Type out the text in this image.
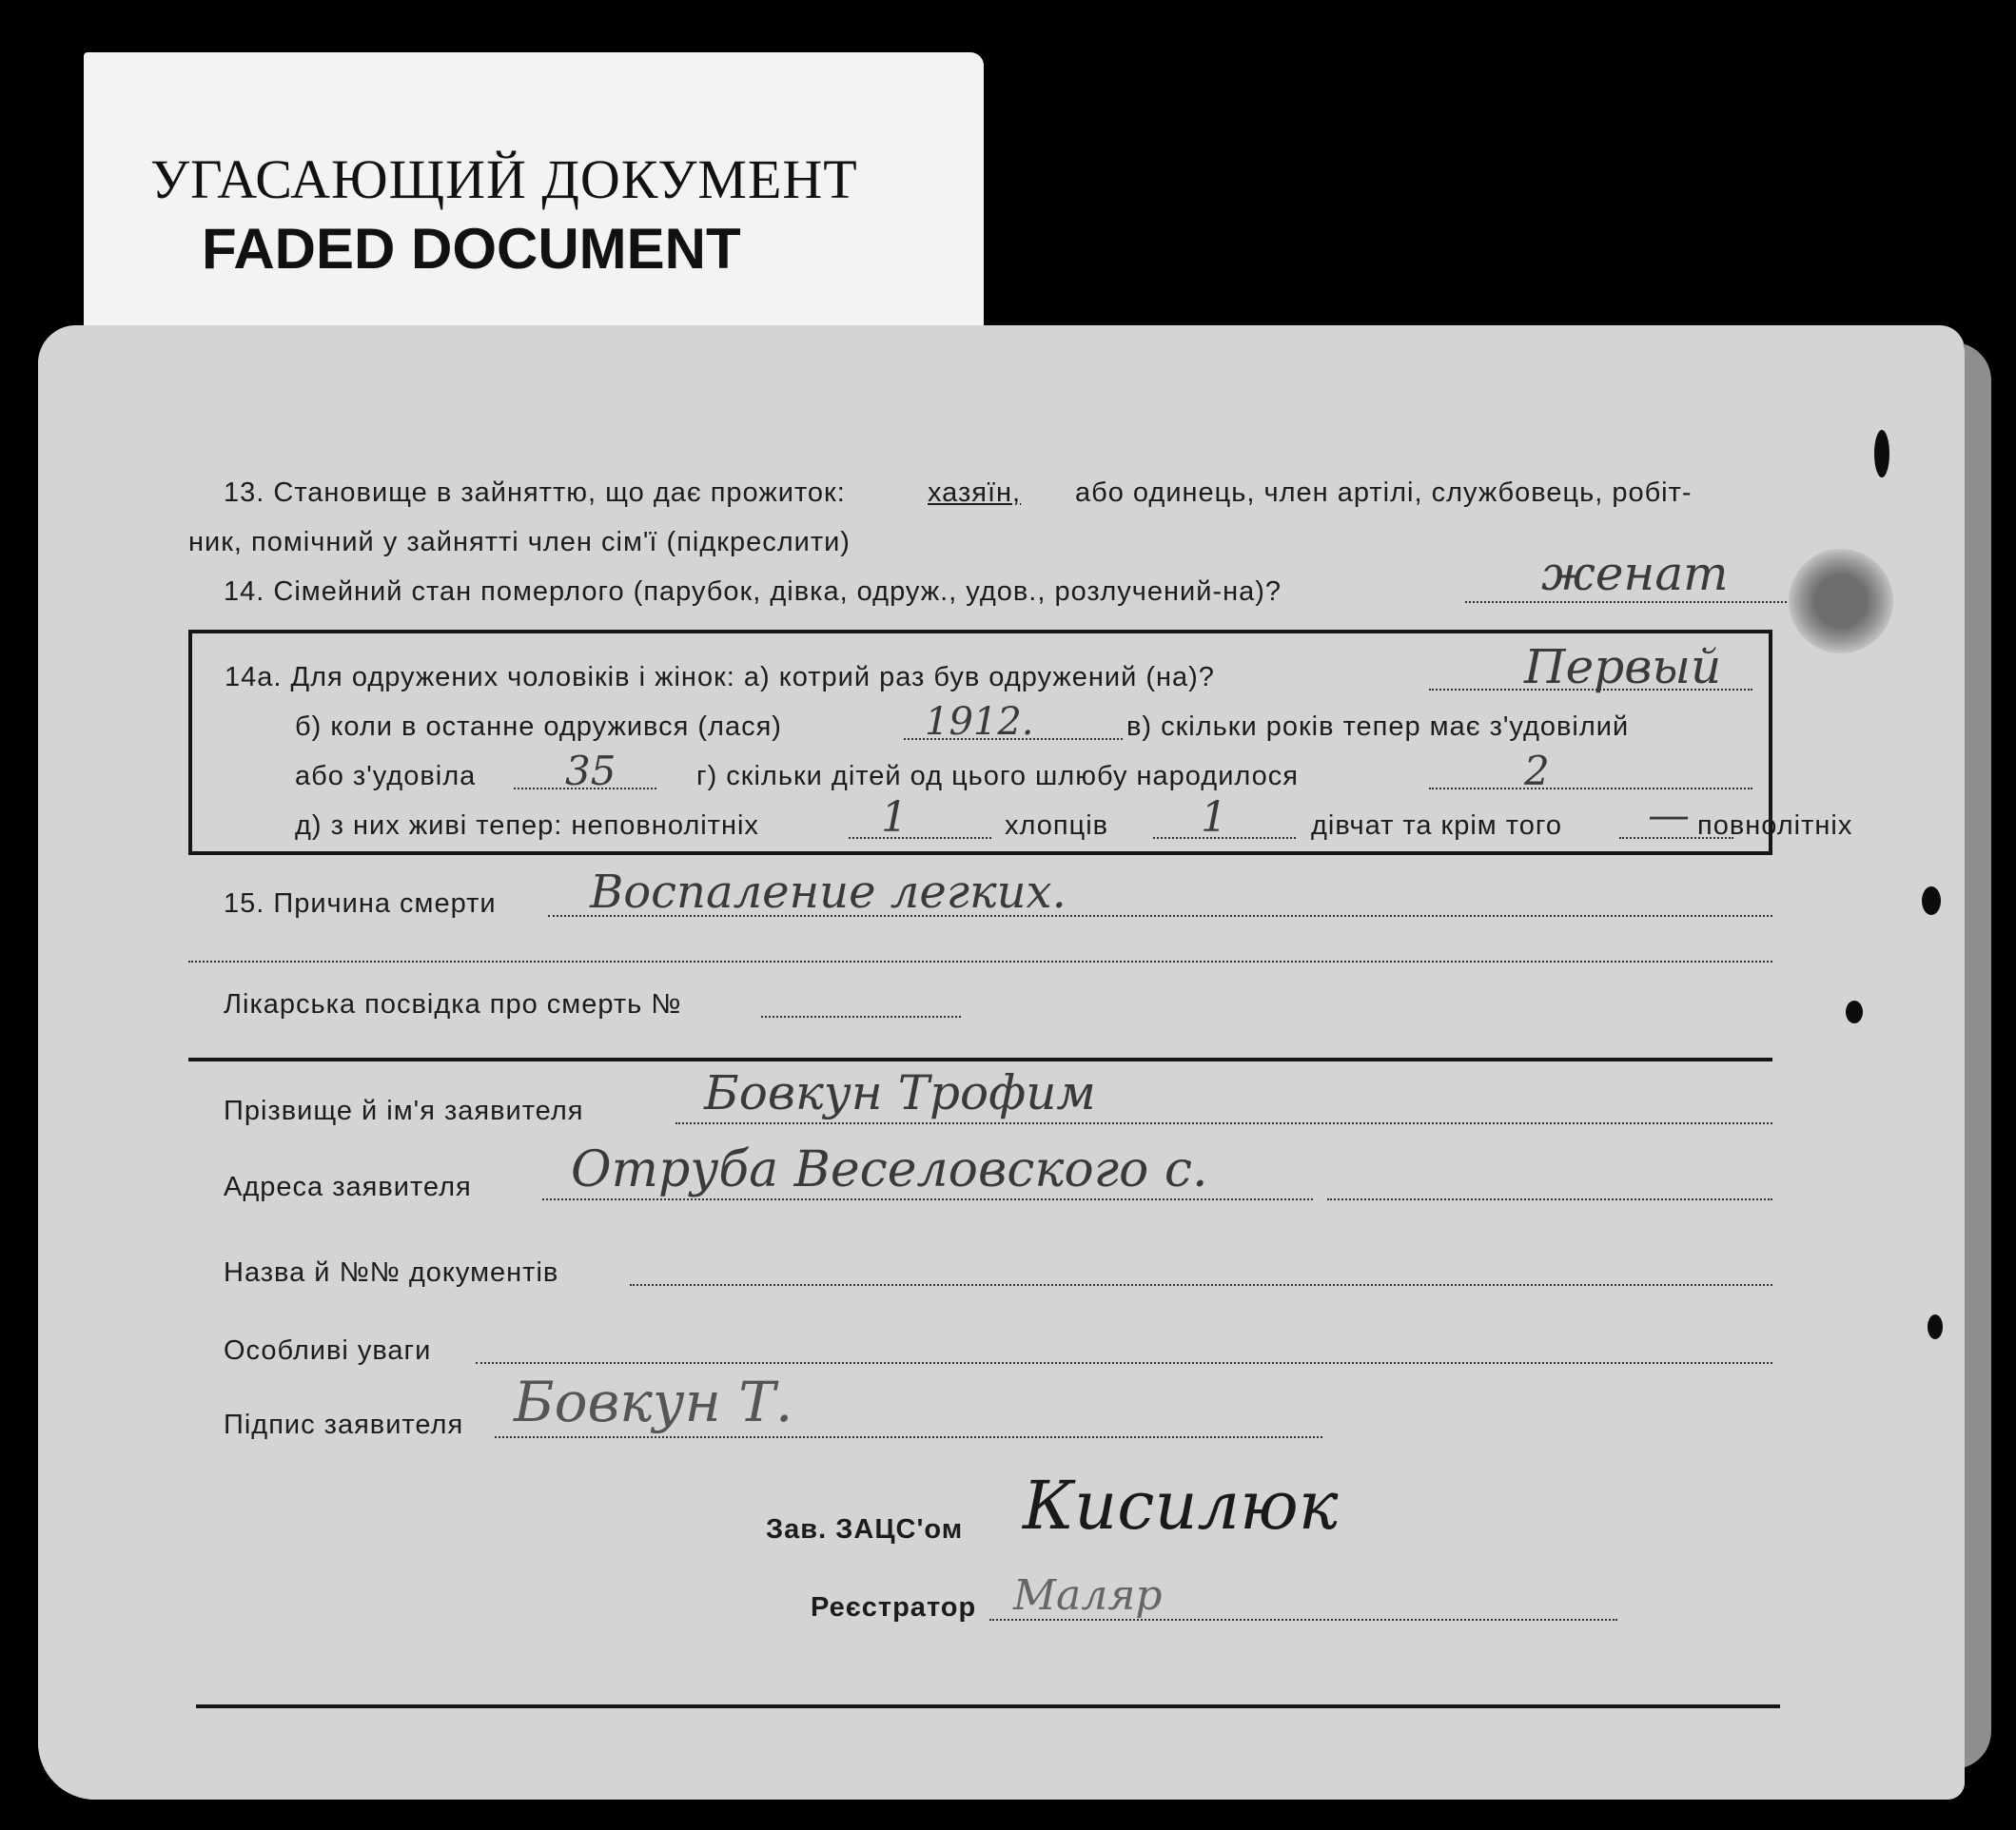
УГАСАЮЩИЙ ДОКУМЕНТ
FADED DOCUMENT
13. Становище в зайняттю, що дає прожиток:	хазяїн, або одинець, член артілі, службовець, робіт-
ник, помічний у зайнятті член сім'ї (підкреслити)
14. Сімейний стан померлого (парубок, дівка, одруж., удов., розлучений-на)?	женат
14а. Для одружених чоловіків і жінок: а) котрий раз був одружений (на)?	Первый
б) коли в останне одружився (лася)	1912.	в) скільки років тепер має з'удовілий
або з'удовіла 35	г) скільки дітей од цього шлюбу народилося	2
д) з них живі тепер: неповнолітніх	1	хлопців 1	дівчат та крім того — повнолітніх
15. Причина смерти Воспаление легких.
Лікарська посвідка про смерть №
Прізвище й ім'я заявителя	Бовкун Трофим
Адреса заявителя Отруба Веселовского с.
Назва й №№ документів
Особливі уваги
Підпис заявителя Бовкун Т.
Зав. ЗАЦС'ом Кисилюк
Реєстратор Маляр
